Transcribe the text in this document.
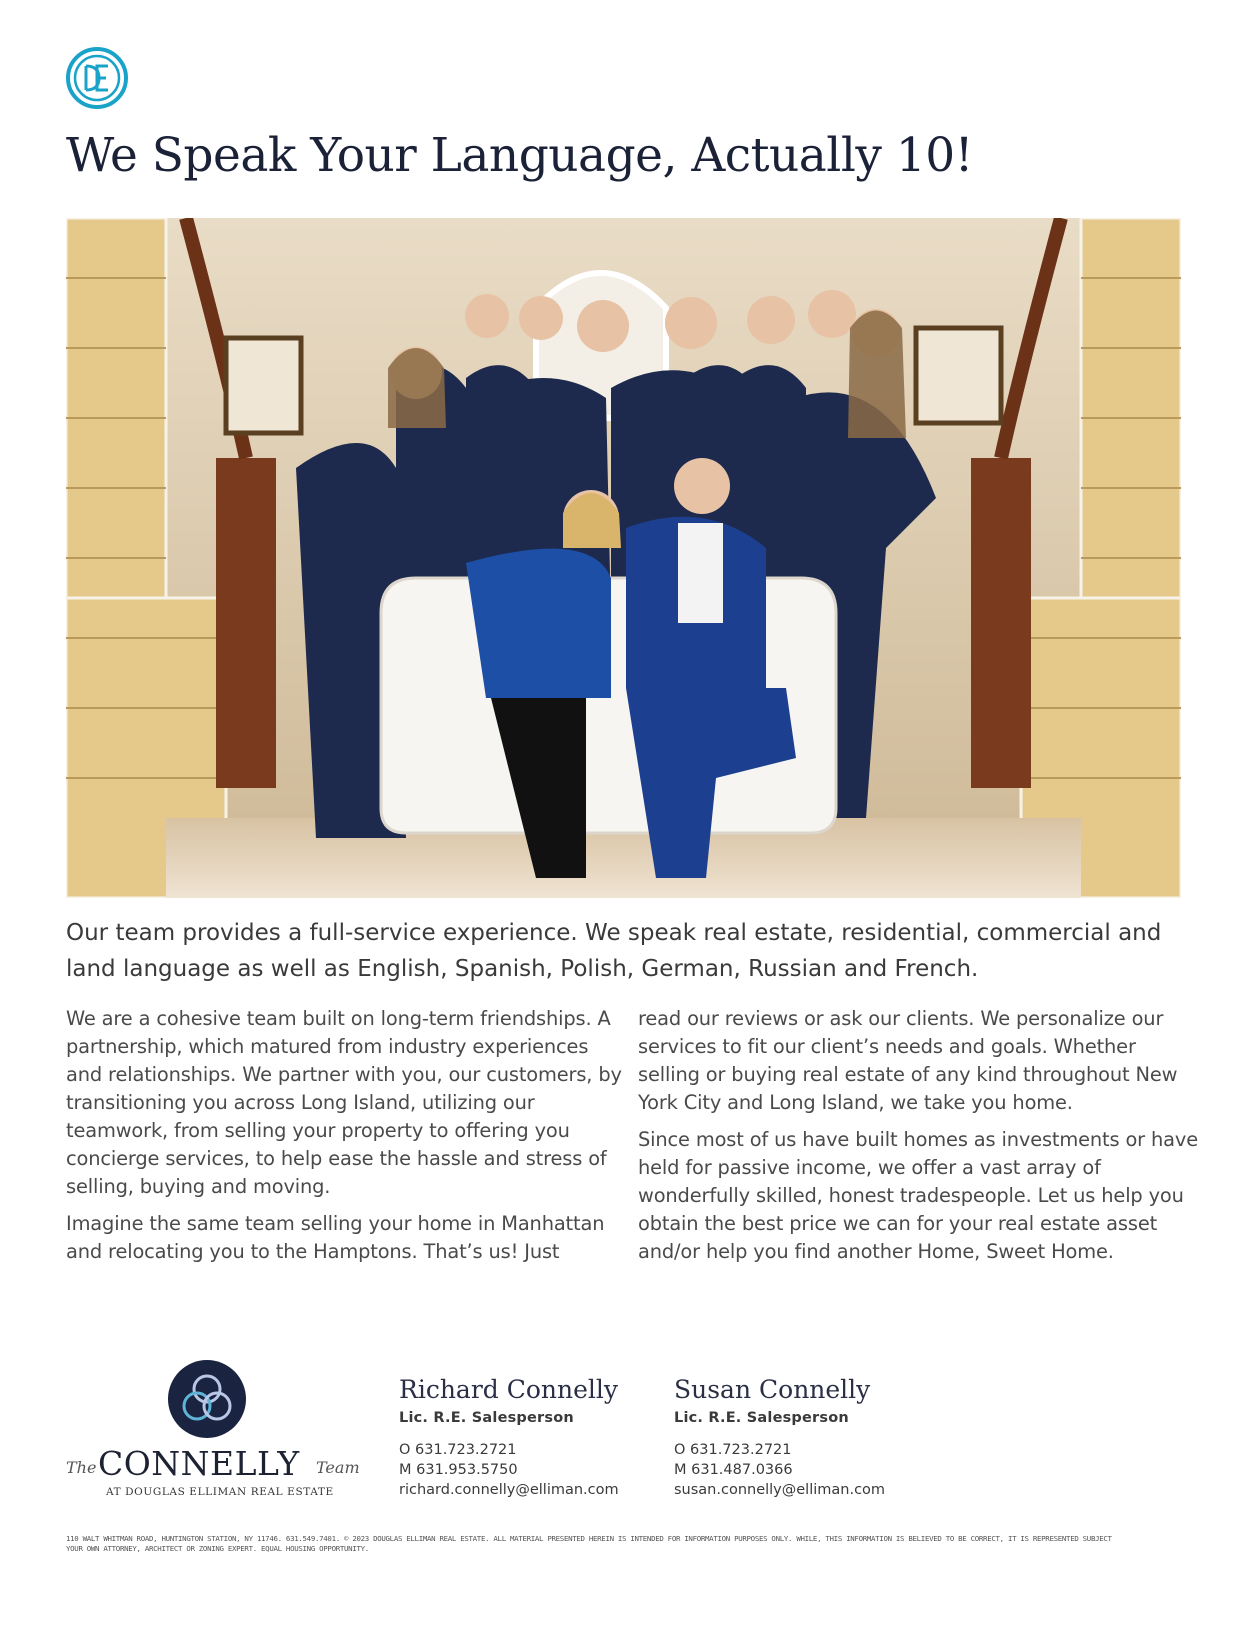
We Speak Your Language, Actually 10!

Our team provides a full-service experience. We speak real estate, residential, commercial and land language as well as English, Spanish, Polish, German, Russian and French.

We are a cohesive team built on long-term friendships. A partnership, which matured from industry experiences and relationships. We partner with you, our customers, by transitioning you across Long Island, utilizing our teamwork, from selling your property to offering you concierge services, to help ease the hassle and stress of selling, buying and moving.

Imagine the same team selling your home in Manhattan and relocating you to the Hamptons. That’s us! Just

read our reviews or ask our clients. We personalize our services to fit our client’s needs and goals. Whether selling or buying real estate of any kind throughout New York City and Long Island, we take you home.

Since most of us have built homes as investments or have held for passive income, we offer a vast array of wonderfully skilled, honest tradespeople. Let us help you obtain the best price we can for your real estate asset and/or help you find another Home, Sweet Home.

The CONNELLY Team
AT DOUGLAS ELLIMAN REAL ESTATE
Richard Connelly
Lic. R.E. Salesperson
O 631.723.2721
M 631.953.5750
richard.connelly@elliman.com
Susan Connelly
Lic. R.E. Salesperson
O 631.723.2721
M 631.487.0366
susan.connelly@elliman.com
110 WALT WHITMAN ROAD, HUNTINGTON STATION, NY 11746. 631.549.7401. © 2023 DOUGLAS ELLIMAN REAL ESTATE. ALL MATERIAL PRESENTED HEREIN IS INTENDED FOR INFORMATION PURPOSES ONLY. WHILE, THIS INFORMATION IS BELIEVED TO BE CORRECT, IT IS REPRESENTED SUBJECT
YOUR OWN ATTORNEY, ARCHITECT OR ZONING EXPERT. EQUAL HOUSING OPPORTUNITY.
